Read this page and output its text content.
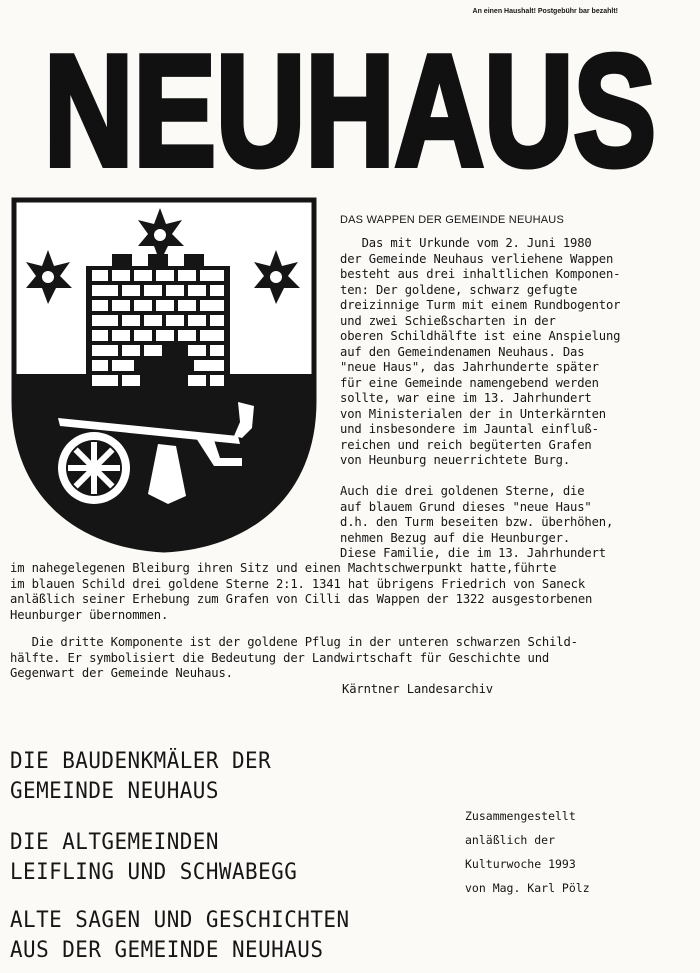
An einen Haushalt! Postgebühr bar bezahlt!
NEUHAUS
DAS WAPPEN DER GEMEINDE NEUHAUS
Das mit Urkunde vom 2. Juni 1980
der Gemeinde Neuhaus verliehene Wappen
besteht aus drei inhaltlichen Komponen-
ten: Der goldene, schwarz gefugte
dreizinnige Turm mit einem Rundbogentor
und zwei Schießscharten in der
oberen Schildhälfte ist eine Anspielung
auf den Gemeindenamen Neuhaus. Das
"neue Haus", das Jahrhunderte später
für eine Gemeinde namengebend werden
sollte, war eine im 13. Jahrhundert
von Ministerialen der in Unterkärnten
und insbesondere im Jauntal einfluß-
reichen und reich begüterten Grafen
von Heunburg neuerrichtete Burg.
Auch die drei goldenen Sterne, die
auf blauem Grund dieses "neue Haus"
d.h. den Turm beseiten bzw. überhöhen,
nehmen Bezug auf die Heunburger.
Diese Familie, die im 13. Jahrhundert
im nahegelegenen Bleiburg ihren Sitz und einen Machtschwerpunkt hatte,führte
im blauen Schild drei goldene Sterne 2:1. 1341 hat übrigens Friedrich von Saneck
anläßlich seiner Erhebung zum Grafen von Cilli das Wappen der 1322 ausgestorbenen
Heunburger übernommen.
Die dritte Komponente ist der goldene Pflug in der unteren schwarzen Schild-
hälfte. Er symbolisiert die Bedeutung der Landwirtschaft für Geschichte und
Gegenwart der Gemeinde Neuhaus.
Kärntner Landesarchiv
DIE BAUDENKMÄLER DER
GEMEINDE NEUHAUS
DIE ALTGEMEINDEN
LEIFLING UND SCHWABEGG
ALTE SAGEN UND GESCHICHTEN
AUS DER GEMEINDE NEUHAUS
Zusammengestellt
anläßlich der
Kulturwoche 1993
von Mag. Karl Pölz
